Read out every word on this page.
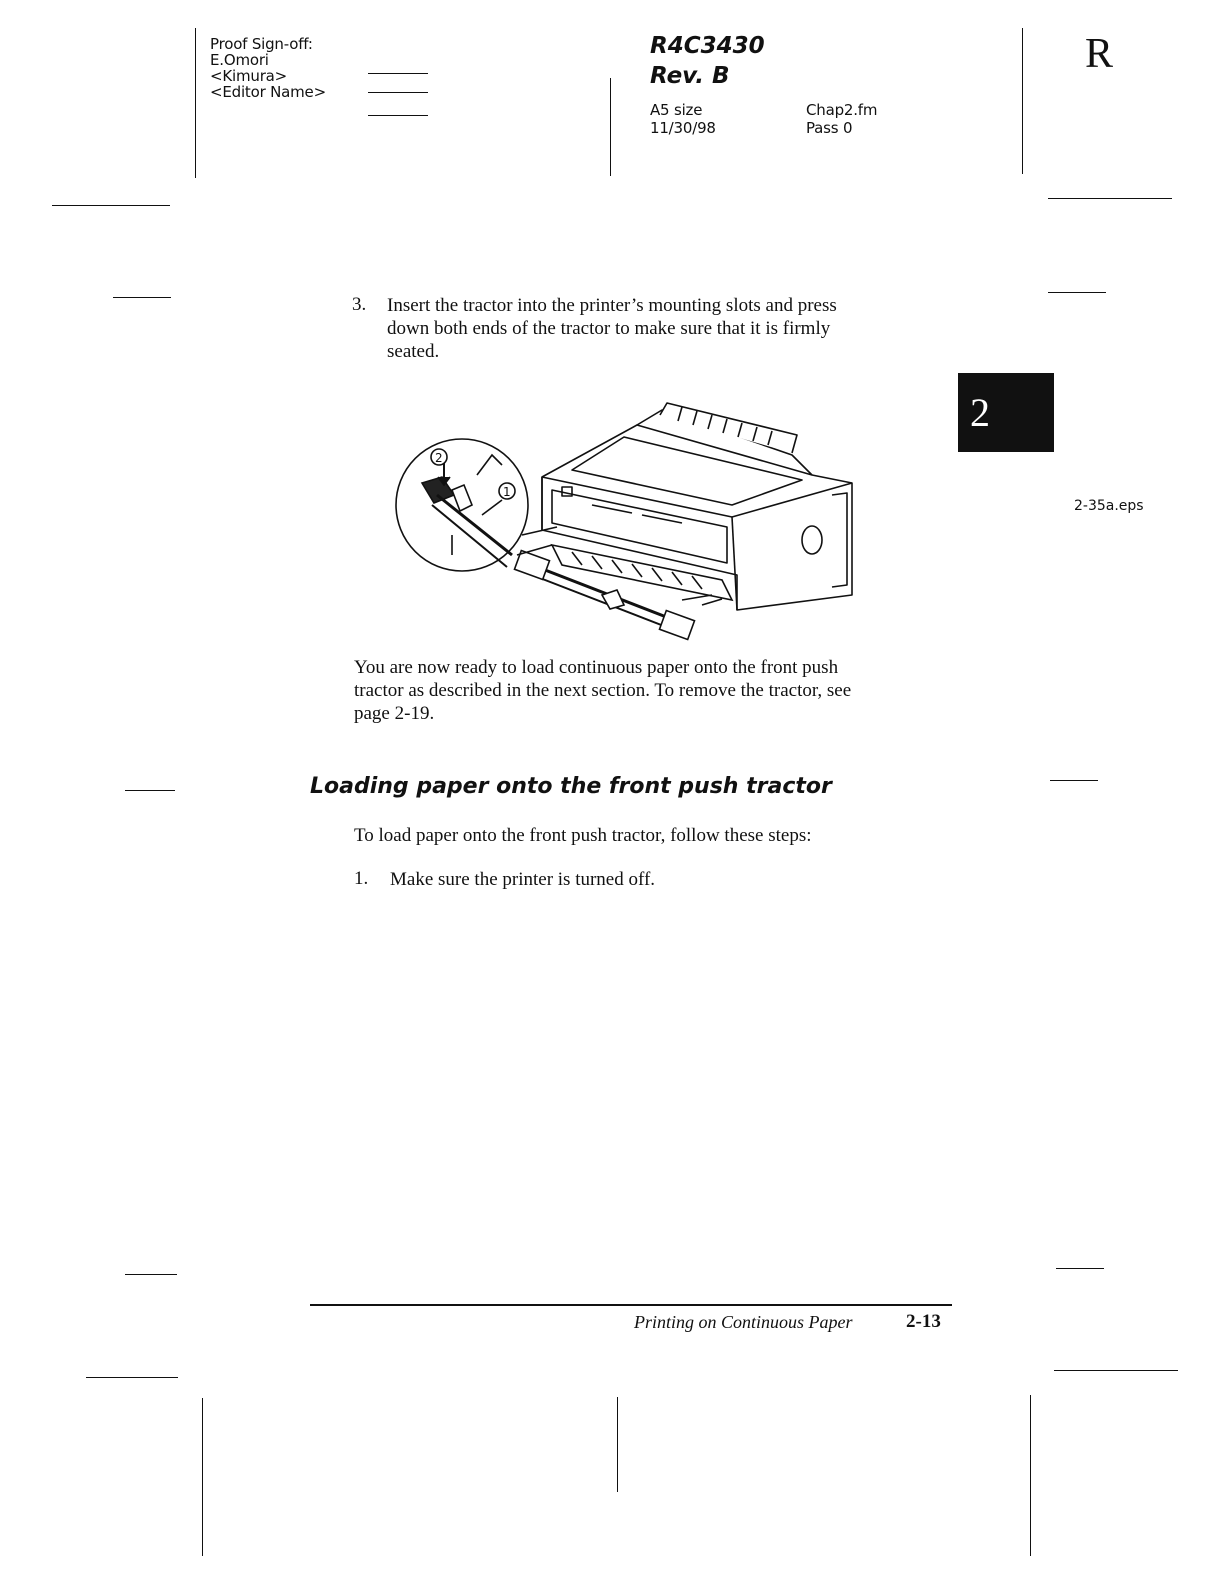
Proof Sign-off:
E.Omori
<Kimura>
<Editor Name>
R4C3430
Rev. B
A5 size
11/30/98
Chap2.fm
Pass 0
R
2
2-35a.eps
3. Insert the tractor into the printer’s mounting slots and press
down both ends of the tractor to make sure that it is firmly
seated.
2
1
You are now ready to load continuous paper onto the front push
tractor as described in the next section. To remove the tractor, see
page 2-19.
Loading paper onto the front push tractor
To load paper onto the front push tractor, follow these steps:
1. Make sure the printer is turned off.
Printing on Continuous Paper	2-13
